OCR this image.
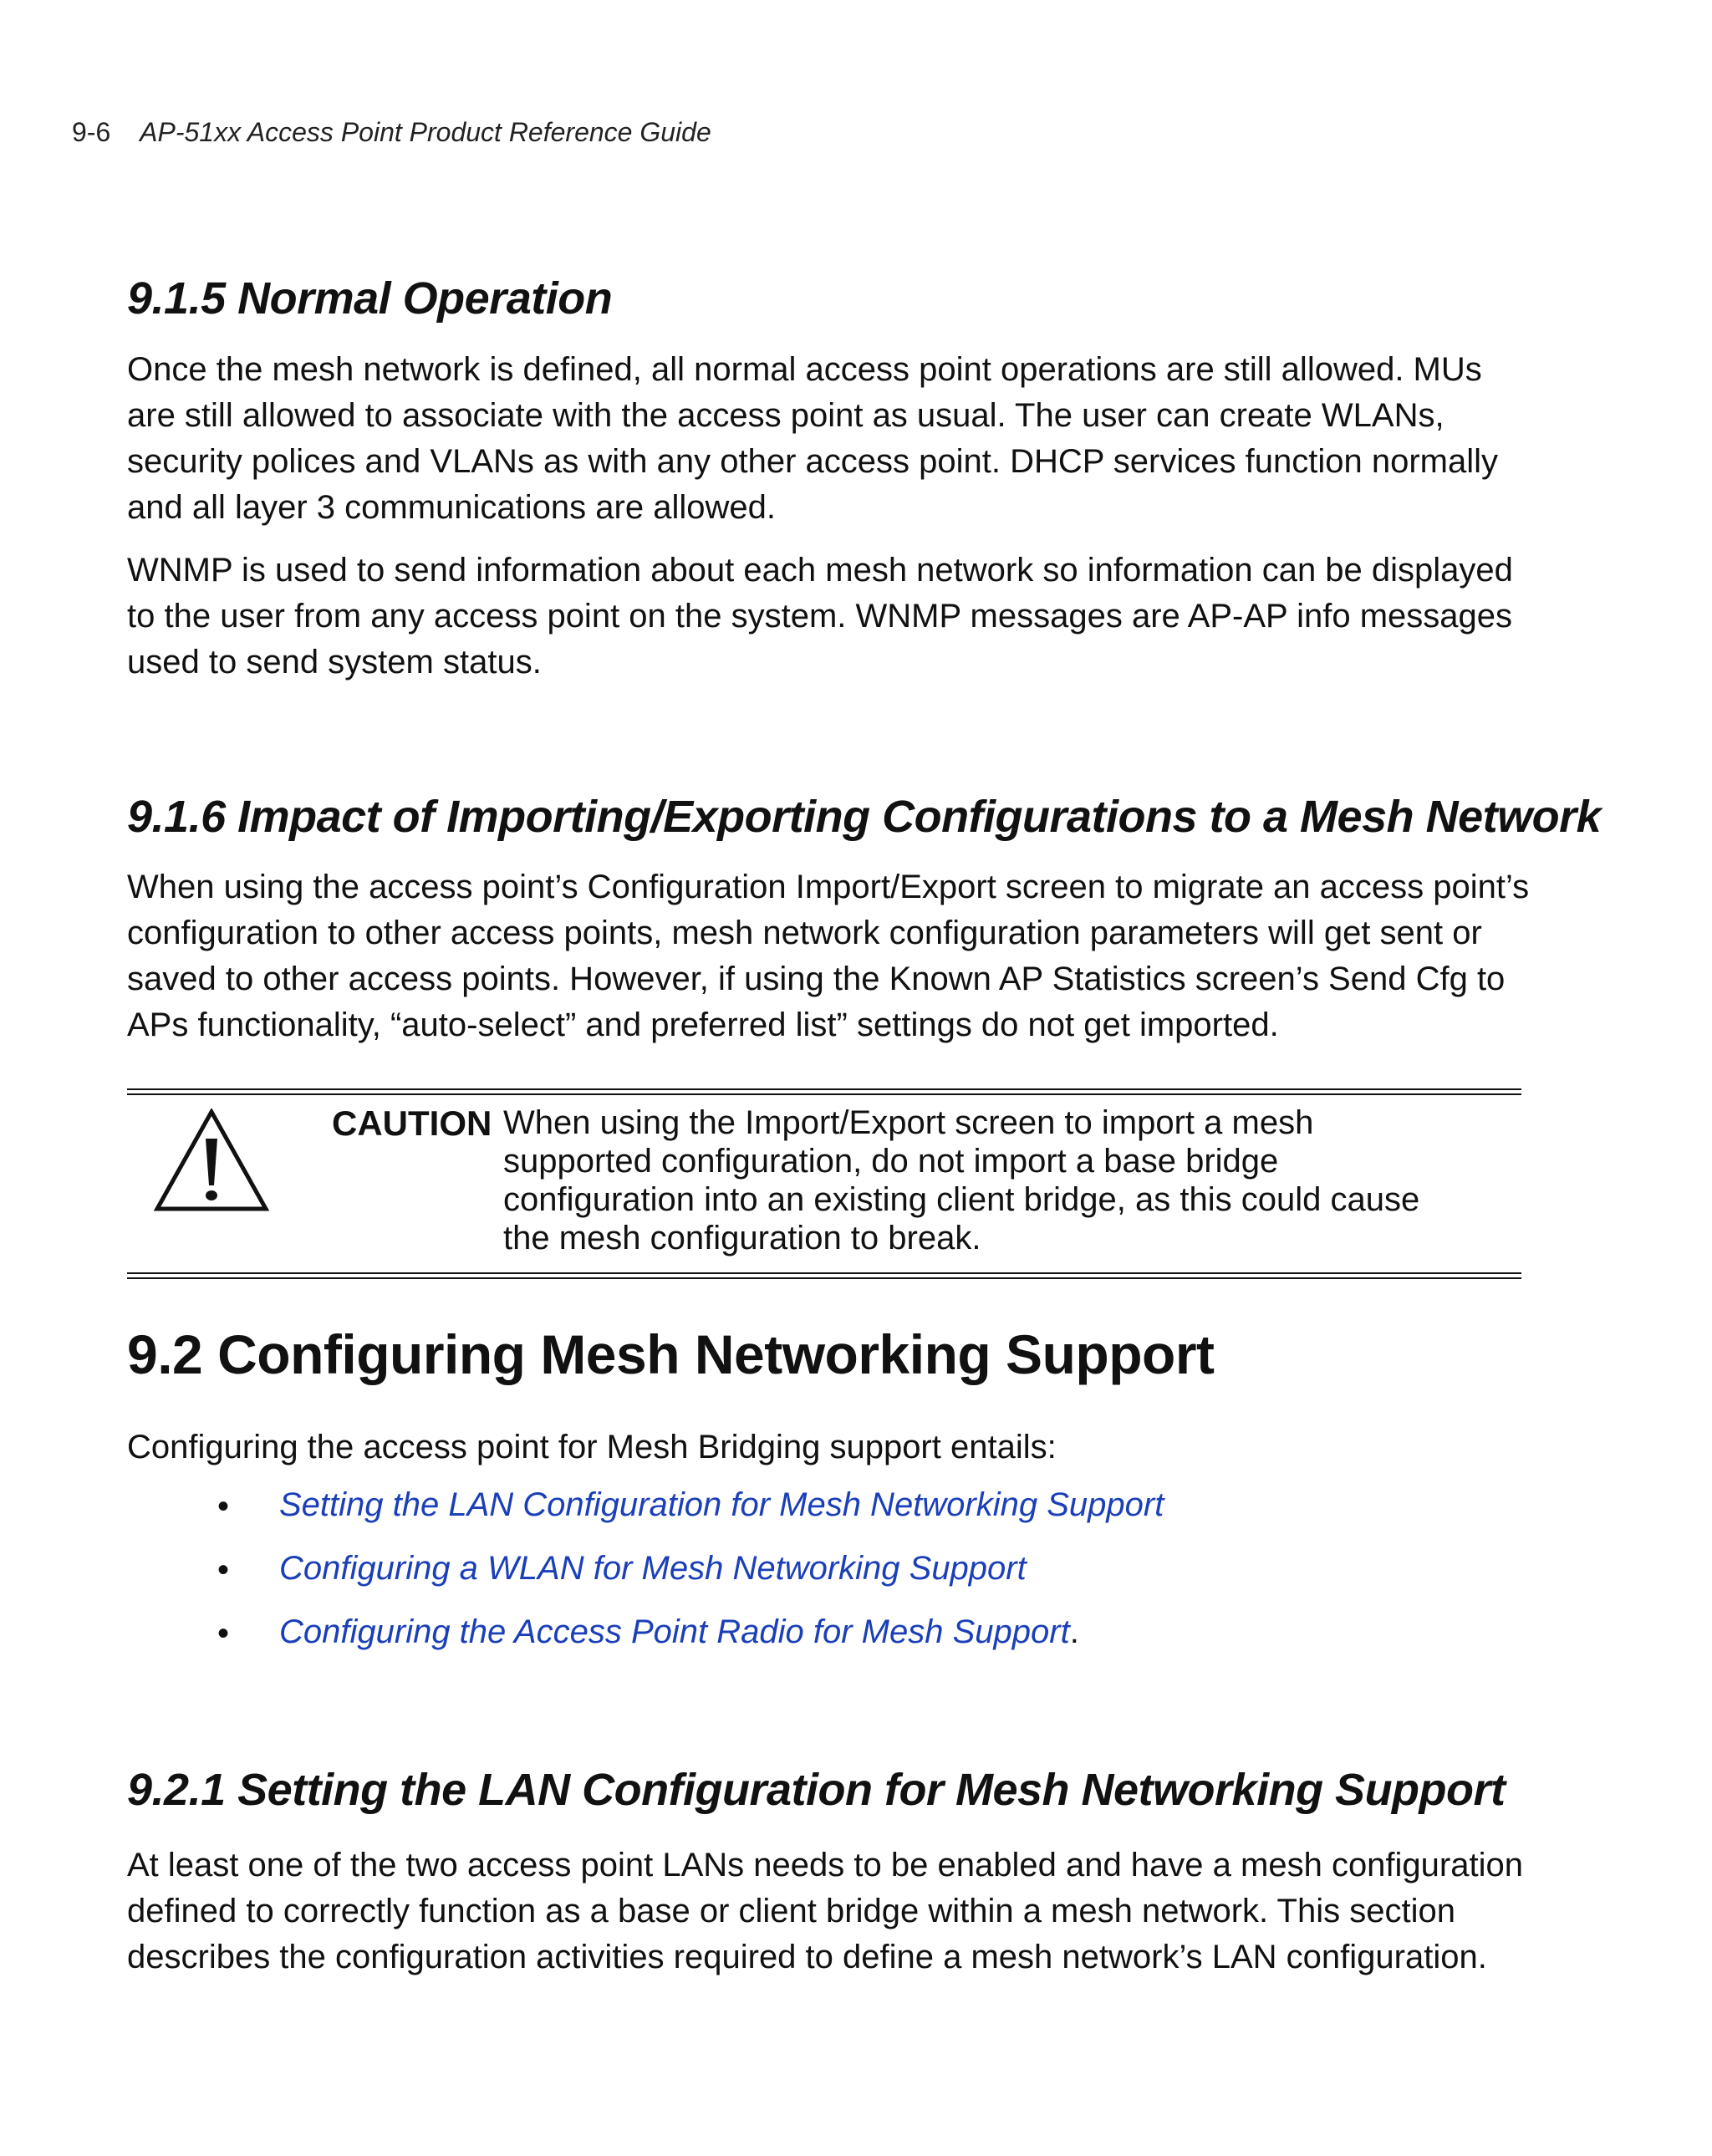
9-6 AP-51xx Access Point Product Reference Guide
9.1.5 Normal Operation

Once the mesh network is defined, all normal access point operations are still allowed. MUs are still allowed to associate with the access point as usual. The user can create WLANs, security polices and VLANs as with any other access point. DHCP services function normally and all layer 3 communications are allowed.

WNMP is used to send information about each mesh network so information can be displayed to the user from any access point on the system. WNMP messages are AP-AP info messages used to send system status.

9.1.6 Impact of Importing/Exporting Configurations to a Mesh Network

When using the access point’s Configuration Import/Export screen to migrate an access point’s configuration to other access points, mesh network configuration parameters will get sent or saved to other access points. However, if using the Known AP Statistics screen’s Send Cfg to APs functionality, “auto-select” and preferred list” settings do not get imported.

CAUTION When using the Import/Export screen to import a mesh supported configuration, do not import a base bridge configuration into an existing client bridge, as this could cause the mesh configuration to break.
9.2 Configuring Mesh Networking Support

Configuring the access point for Mesh Bridging support entails:

• Setting the LAN Configuration for Mesh Networking Support
• Configuring a WLAN for Mesh Networking Support
• Configuring the Access Point Radio for Mesh Support.
9.2.1 Setting the LAN Configuration for Mesh Networking Support

At least one of the two access point LANs needs to be enabled and have a mesh configuration defined to correctly function as a base or client bridge within a mesh network. This section describes the configuration activities required to define a mesh network’s LAN configuration.
